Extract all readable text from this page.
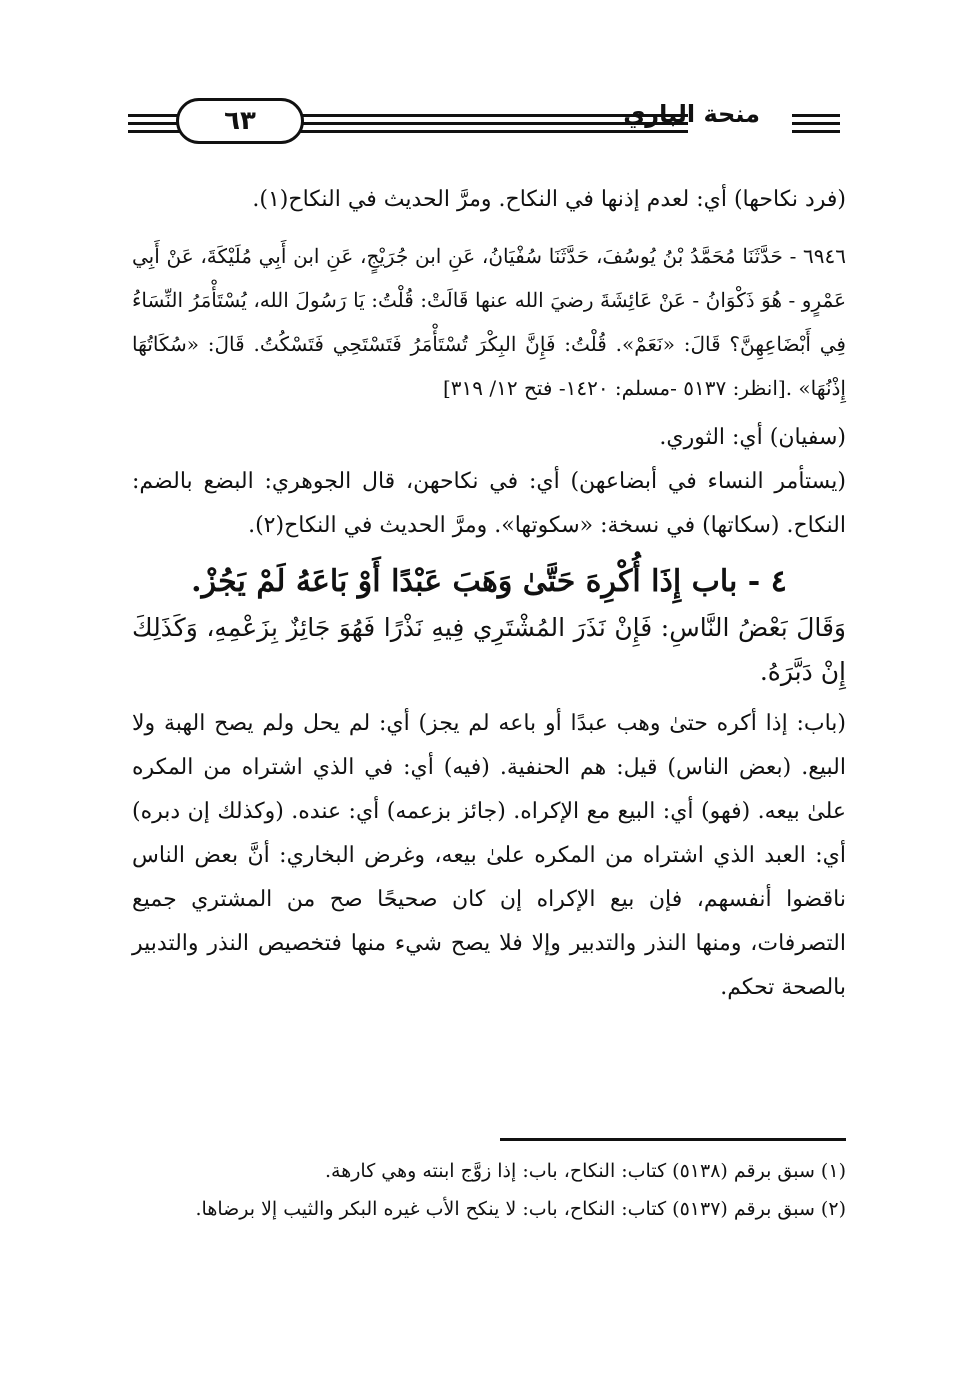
٦٣	منحة الباري

(فرد نكاحها) أي: لعدم إذنها في النكاح. ومرَّ الحديث في النكاح(١).

٦٩٤٦ - حَدَّثَنَا مُحَمَّدُ بْنُ يُوسُفَ، حَدَّثَنَا سُفْيَانُ، عَنِ ابن جُرَيْجٍ، عَنِ ابن أَبِي مُلَيْكَةَ، عَنْ أَبِي عَمْرٍو - هُوَ ذَكْوَانُ - عَنْ عَائِشَةَ رضيَ الله عنها قَالَتْ: قُلْتُ: يَا رَسُولَ الله، يُسْتَأْمَرُ النِّسَاءُ فِي أَبْضَاعِهِنَّ؟ قَالَ: «نَعَمْ». قُلْتُ: فَإِنَّ البِكْرَ تُسْتَأْمَرُ فَتَسْتَحِي فَتَسْكُتُ. قَالَ: «سُكَاتُهَا إِذْنُهَا» .[انظر: ٥١٣٧ -مسلم: ١٤٢٠- فتح ١٢/ ٣١٩]

(سفيان) أي: الثوري.

(يستأمر النساء في أبضاعهن) أي: في نكاحهن، قال الجوهري: البضع بالضم: النكاح. (سكاتها) في نسخة: «سكوتها». ومرَّ الحديث في النكاح(٢).

٤ - باب إِذَا أُكْرِهَ حَتَّىٰ وَهَبَ عَبْدًا أَوْ بَاعَهُ لَمْ يَجُزْ.

وَقَالَ بَعْضُ النَّاسِ: فَإِنْ نَذَرَ المُشْتَرِي فِيهِ نَذْرًا فَهُوَ جَائِزٌ بِزَعْمِهِ، وَكَذَلِكَ إِنْ دَبَّرَهُ.

(باب: إذا أكره حتىٰ وهب عبدًا أو باعه لم يجز) أي: لم يحل ولم يصح الهبة ولا البيع. (بعض الناس) قيل: هم الحنفية. (فيه) أي: في الذي اشتراه من المكره علىٰ بيعه. (فهو) أي: البيع مع الإكراه. (جائز بزعمه) أي: عنده. (وكذلك إن دبره) أي: العبد الذي اشتراه من المكره علىٰ بيعه، وغرض البخاري: أنَّ بعض الناس ناقضوا أنفسهم، فإن بيع الإكراه إن كان صحيحًا صح من المشتري جميع التصرفات، ومنها النذر والتدبير وإلا فلا يصح شيء منها فتخصيص النذر والتدبير بالصحة تحكم.

(١) سبق برقم (٥١٣٨) كتاب: النكاح، باب: إذا زوَّج ابنته وهي كارهة.

(٢) سبق برقم (٥١٣٧) كتاب: النكاح، باب: لا ينكح الأب غيره البكر والثيب إلا برضاها.
